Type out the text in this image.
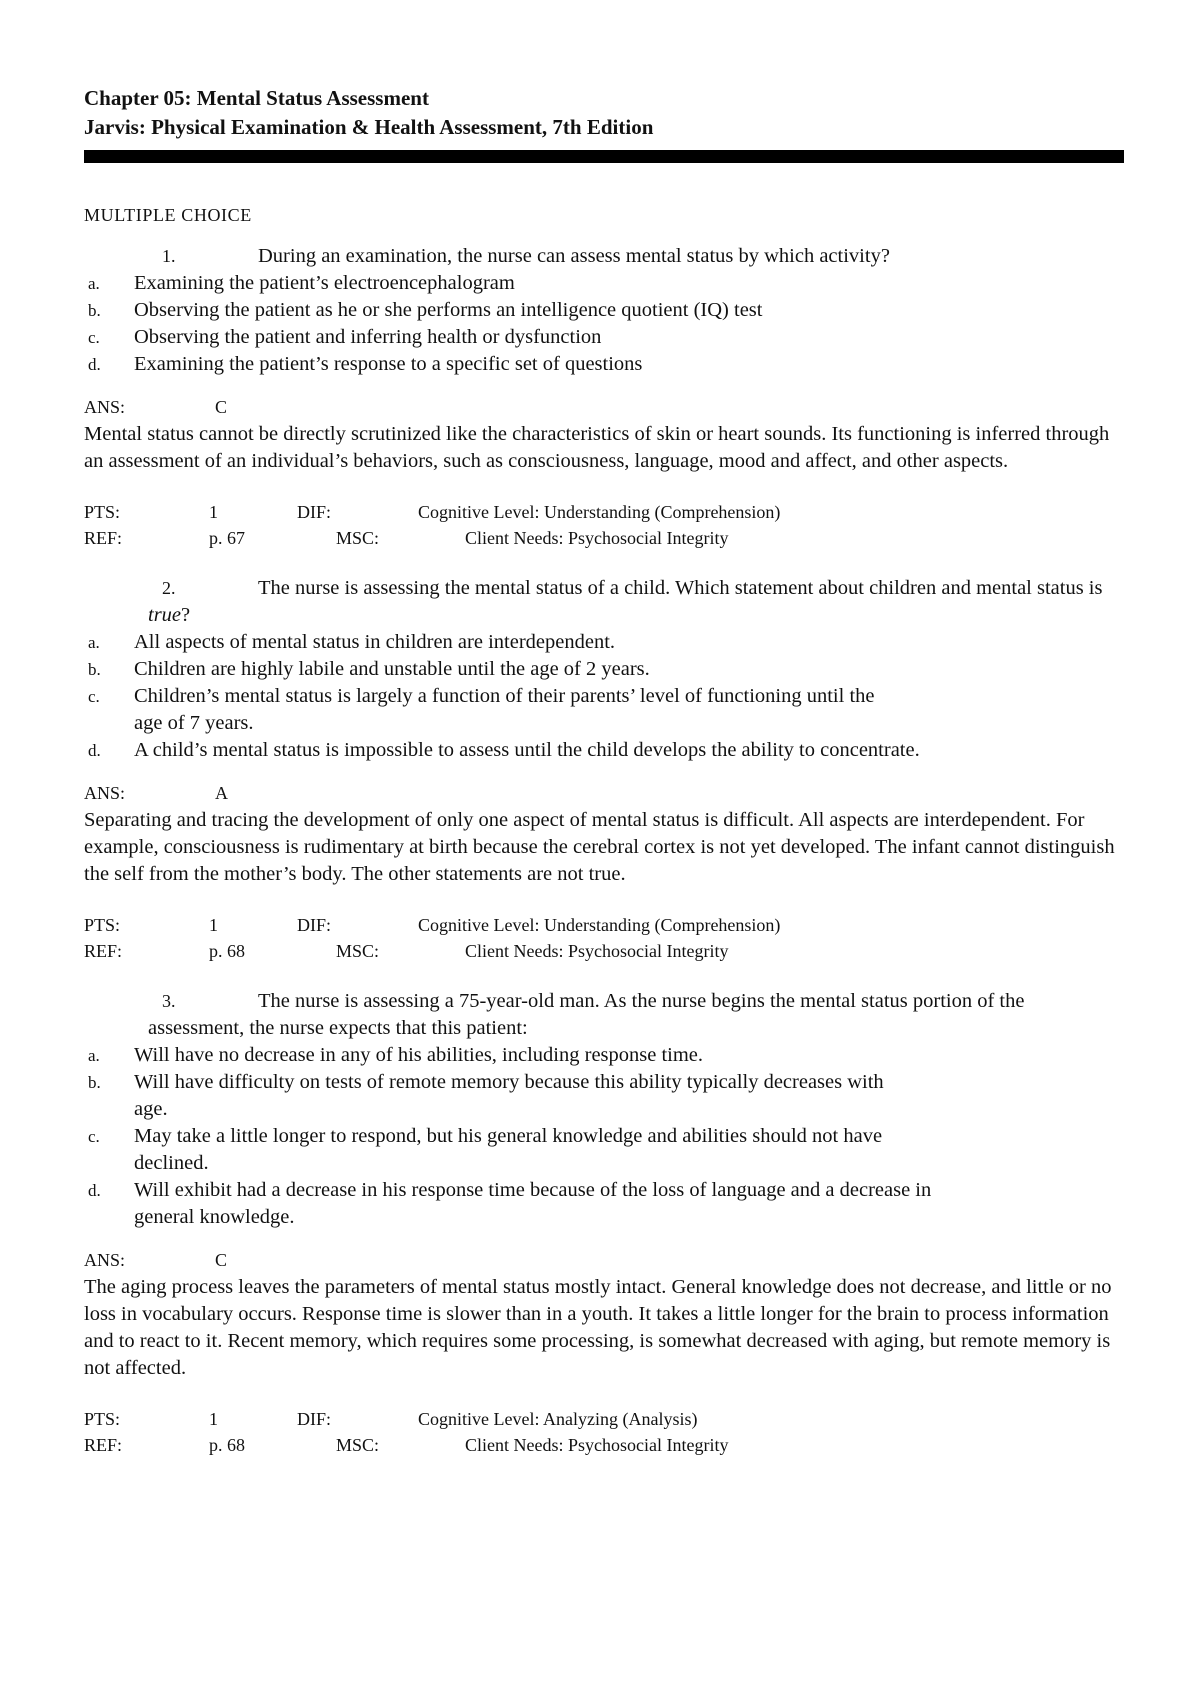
Chapter 05: Mental Status Assessment
Jarvis: Physical Examination & Health Assessment, 7th Edition
MULTIPLE CHOICE
1.	During an examination, the nurse can assess mental status by which activity?
a. Examining the patient’s electroencephalogram
b. Observing the patient as he or she performs an intelligence quotient (IQ) test
c. Observing the patient and inferring health or dysfunction
d. Examining the patient’s response to a specific set of questions
ANS:	C
Mental status cannot be directly scrutinized like the characteristics of skin or heart sounds. Its functioning is inferred through an assessment of an individual’s behaviors, such as consciousness, language, mood and affect, and other aspects.
PTS:	1	DIF:	Cognitive Level: Understanding (Comprehension)
REF:	p. 67	MSC:	Client Needs: Psychosocial Integrity
2.	The nurse is assessing the mental status of a child. Which statement about children and mental status is true?
a. All aspects of mental status in children are interdependent.
b. Children are highly labile and unstable until the age of 2 years.
c. Children’s mental status is largely a function of their parents’ level of functioning until the age of 7 years.
d. A child’s mental status is impossible to assess until the child develops the ability to concentrate.
ANS:	A
Separating and tracing the development of only one aspect of mental status is difficult. All aspects are interdependent. For example, consciousness is rudimentary at birth because the cerebral cortex is not yet developed. The infant cannot distinguish the self from the mother’s body. The other statements are not true.
PTS:	1	DIF:	Cognitive Level: Understanding (Comprehension)
REF:	p. 68	MSC:	Client Needs: Psychosocial Integrity
3.	The nurse is assessing a 75-year-old man. As the nurse begins the mental status portion of the assessment, the nurse expects that this patient:
a. Will have no decrease in any of his abilities, including response time.
b. Will have difficulty on tests of remote memory because this ability typically decreases with age.
c. May take a little longer to respond, but his general knowledge and abilities should not have declined.
d. Will exhibit had a decrease in his response time because of the loss of language and a decrease in general knowledge.
ANS:	C
The aging process leaves the parameters of mental status mostly intact. General knowledge does not decrease, and little or no loss in vocabulary occurs. Response time is slower than in a youth. It takes a little longer for the brain to process information and to react to it. Recent memory, which requires some processing, is somewhat decreased with aging, but remote memory is not affected.
PTS:	1	DIF:	Cognitive Level: Analyzing (Analysis)
REF:	p. 68	MSC:	Client Needs: Psychosocial Integrity
